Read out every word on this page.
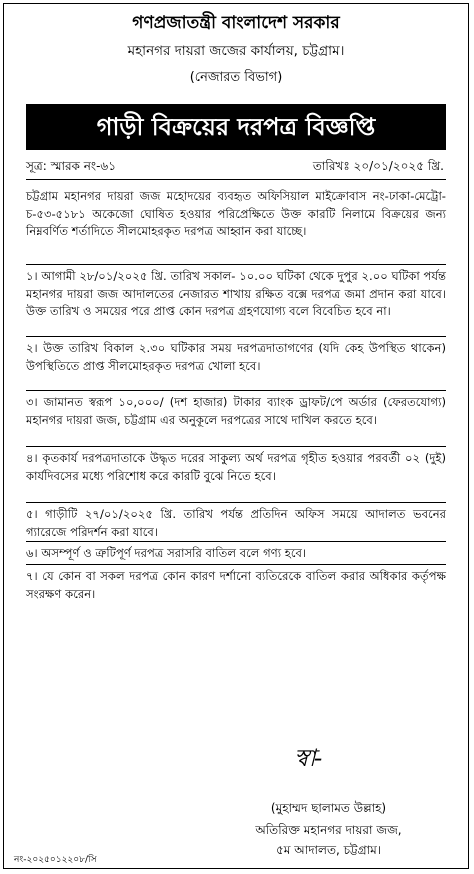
গণপ্রজাতন্ত্রী বাংলাদেশ সরকার
মহানগর দায়রা জজের কার্যালয়, চট্টগ্রাম।
(নেজারত বিভাগ)
গাড়ী বিক্রয়ের দরপত্র বিজ্ঞপ্তি
সূত্র: স্মারক নং-৬১	তারিখঃ ২০/০১/২০২৫ খ্রি.
চট্টগ্রাম মহানগর দায়রা জজ মহোদয়ের ব্যবহৃত অফিসিয়াল মাইক্রোবাস নং-ঢাকা-মেট্রো-চ-৫৩-৫১৮১ অকেজো ঘোষিত হওয়ার পরিপ্রেক্ষিতে উক্ত কারটি নিলামে বিক্রয়ের জন্য নিম্নবর্ণিত শর্তাদিতে সীলমোহরকৃত দরপত্র আহ্বান করা যাচ্ছে।
১। আগামী ২৮/০১/২০২৫ খ্রি. তারিখ সকাল- ১০.০০ ঘটিকা থেকে দুপুর ২.০০ ঘটিকা পর্যন্ত মহানগর দায়রা জজ আদালতের নেজারত শাখায় রক্ষিত বক্সে দরপত্র জমা প্রদান করা যাবে। উক্ত তারিখ ও সময়ের পরে প্রাপ্ত কোন দরপত্র গ্রহণযোগ্য বলে বিবেচিত হবে না।
২। উক্ত তারিখ বিকাল ২.৩০ ঘটিকার সময় দরপত্রদাতাগণের (যদি কেহ উপস্থিত থাকেন) উপস্থিতিতে প্রাপ্ত সীলমোহরকৃত দরপত্র খোলা হবে।
৩। জামানত স্বরূপ ১০,০০০/ (দশ হাজার) টাকার ব্যাংক ড্রাফট/পে অর্ডার (ফেরতযোগ্য) মহানগর দায়রা জজ, চট্টগ্রাম এর অনুকূলে দরপত্রের সাথে দাখিল করতে হবে।
৪। কৃতকার্য দরপত্রদাতাকে উদ্ধৃত দরের সাকুল্য অর্থ দরপত্র গৃহীত হওয়ার পরবর্তী ০২ (দুই) কার্যদিবসের মধ্যে পরিশোধ করে কারটি বুঝে নিতে হবে।
৫। গাড়ীটি ২৭/০১/২০২৫ খ্রি. তারিখ পর্যন্ত প্রতিদিন অফিস সময়ে আদালত ভবনের গ্যারেজে পরিদর্শন করা যাবে।
৬। অসম্পূর্ণ ও ত্রুটিপূর্ণ দরপত্র সরাসরি বাতিল বলে গণ্য হবে।
৭। যে কোন বা সকল দরপত্র কোন কারণ দর্শানো ব্যতিরেকে বাতিল করার অধিকার কর্তৃপক্ষ সংরক্ষণ করেন।
স্বা-
(মুহাম্মদ ছালামত উল্লাহ)
অতিরিক্ত মহানগর দায়রা জজ,
৫ম আদালত, চট্টগ্রাম।
নং-২০২৫০১২২০৮/সি
